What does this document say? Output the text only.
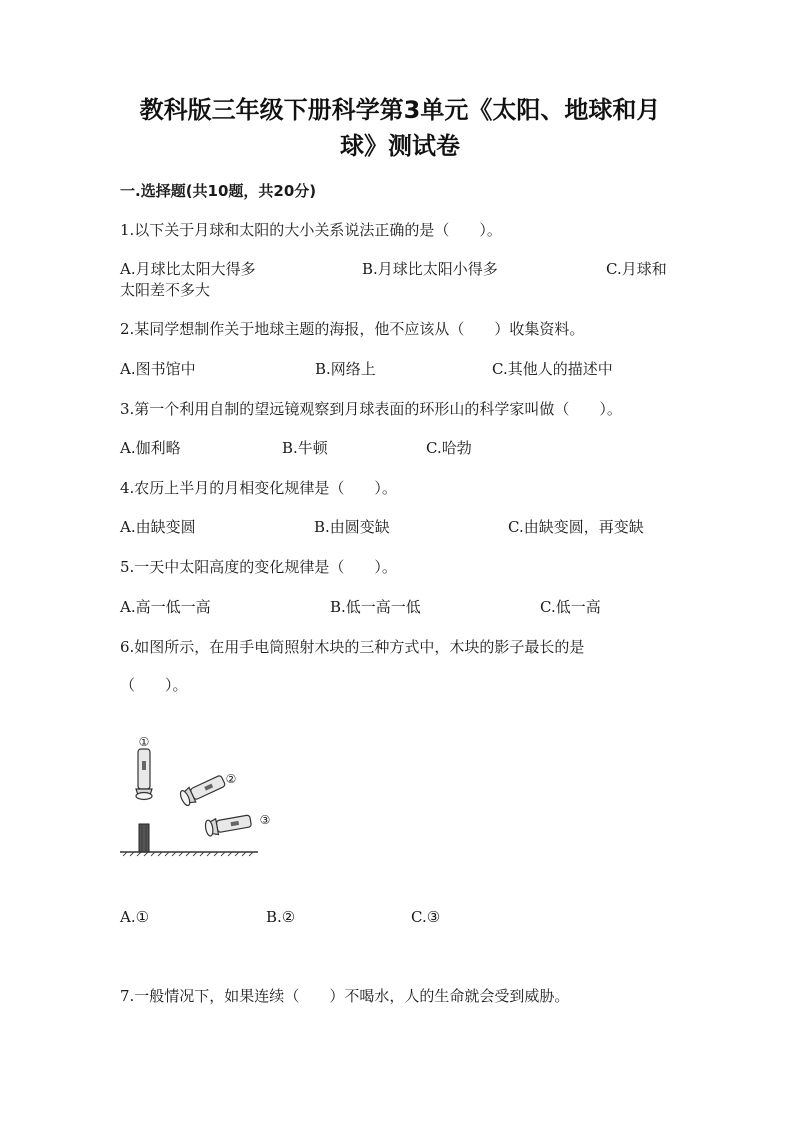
教科版三年级下册科学第3单元《太阳、地球和月
球》测试卷
一.选择题(共10题，共20分)
1.以下关于月球和太阳的大小关系说法正确的是（　　）。
A.月球比太阳大得多	B.月球比太阳小得多	C.月球和
太阳差不多大
2.某同学想制作关于地球主题的海报，他不应该从（　　）收集资料。
A.图书馆中	B.网络上	C.其他人的描述中
3.第一个利用自制的望远镜观察到月球表面的环形山的科学家叫做（　　）。
A.伽利略	B.牛顿	C.哈勃
4.农历上半月的月相变化规律是（　　）。
A.由缺变圆	B.由圆变缺	C.由缺变圆，再变缺
5.一天中太阳高度的变化规律是（　　）。
A.高一低一高	B.低一高一低	C.低一高
6.如图所示，在用手电筒照射木块的三种方式中，木块的影子最长的是
（　　）。
①
②
③
A.①	B.②	C.③
7.一般情况下，如果连续（　　）不喝水，人的生命就会受到威胁。
